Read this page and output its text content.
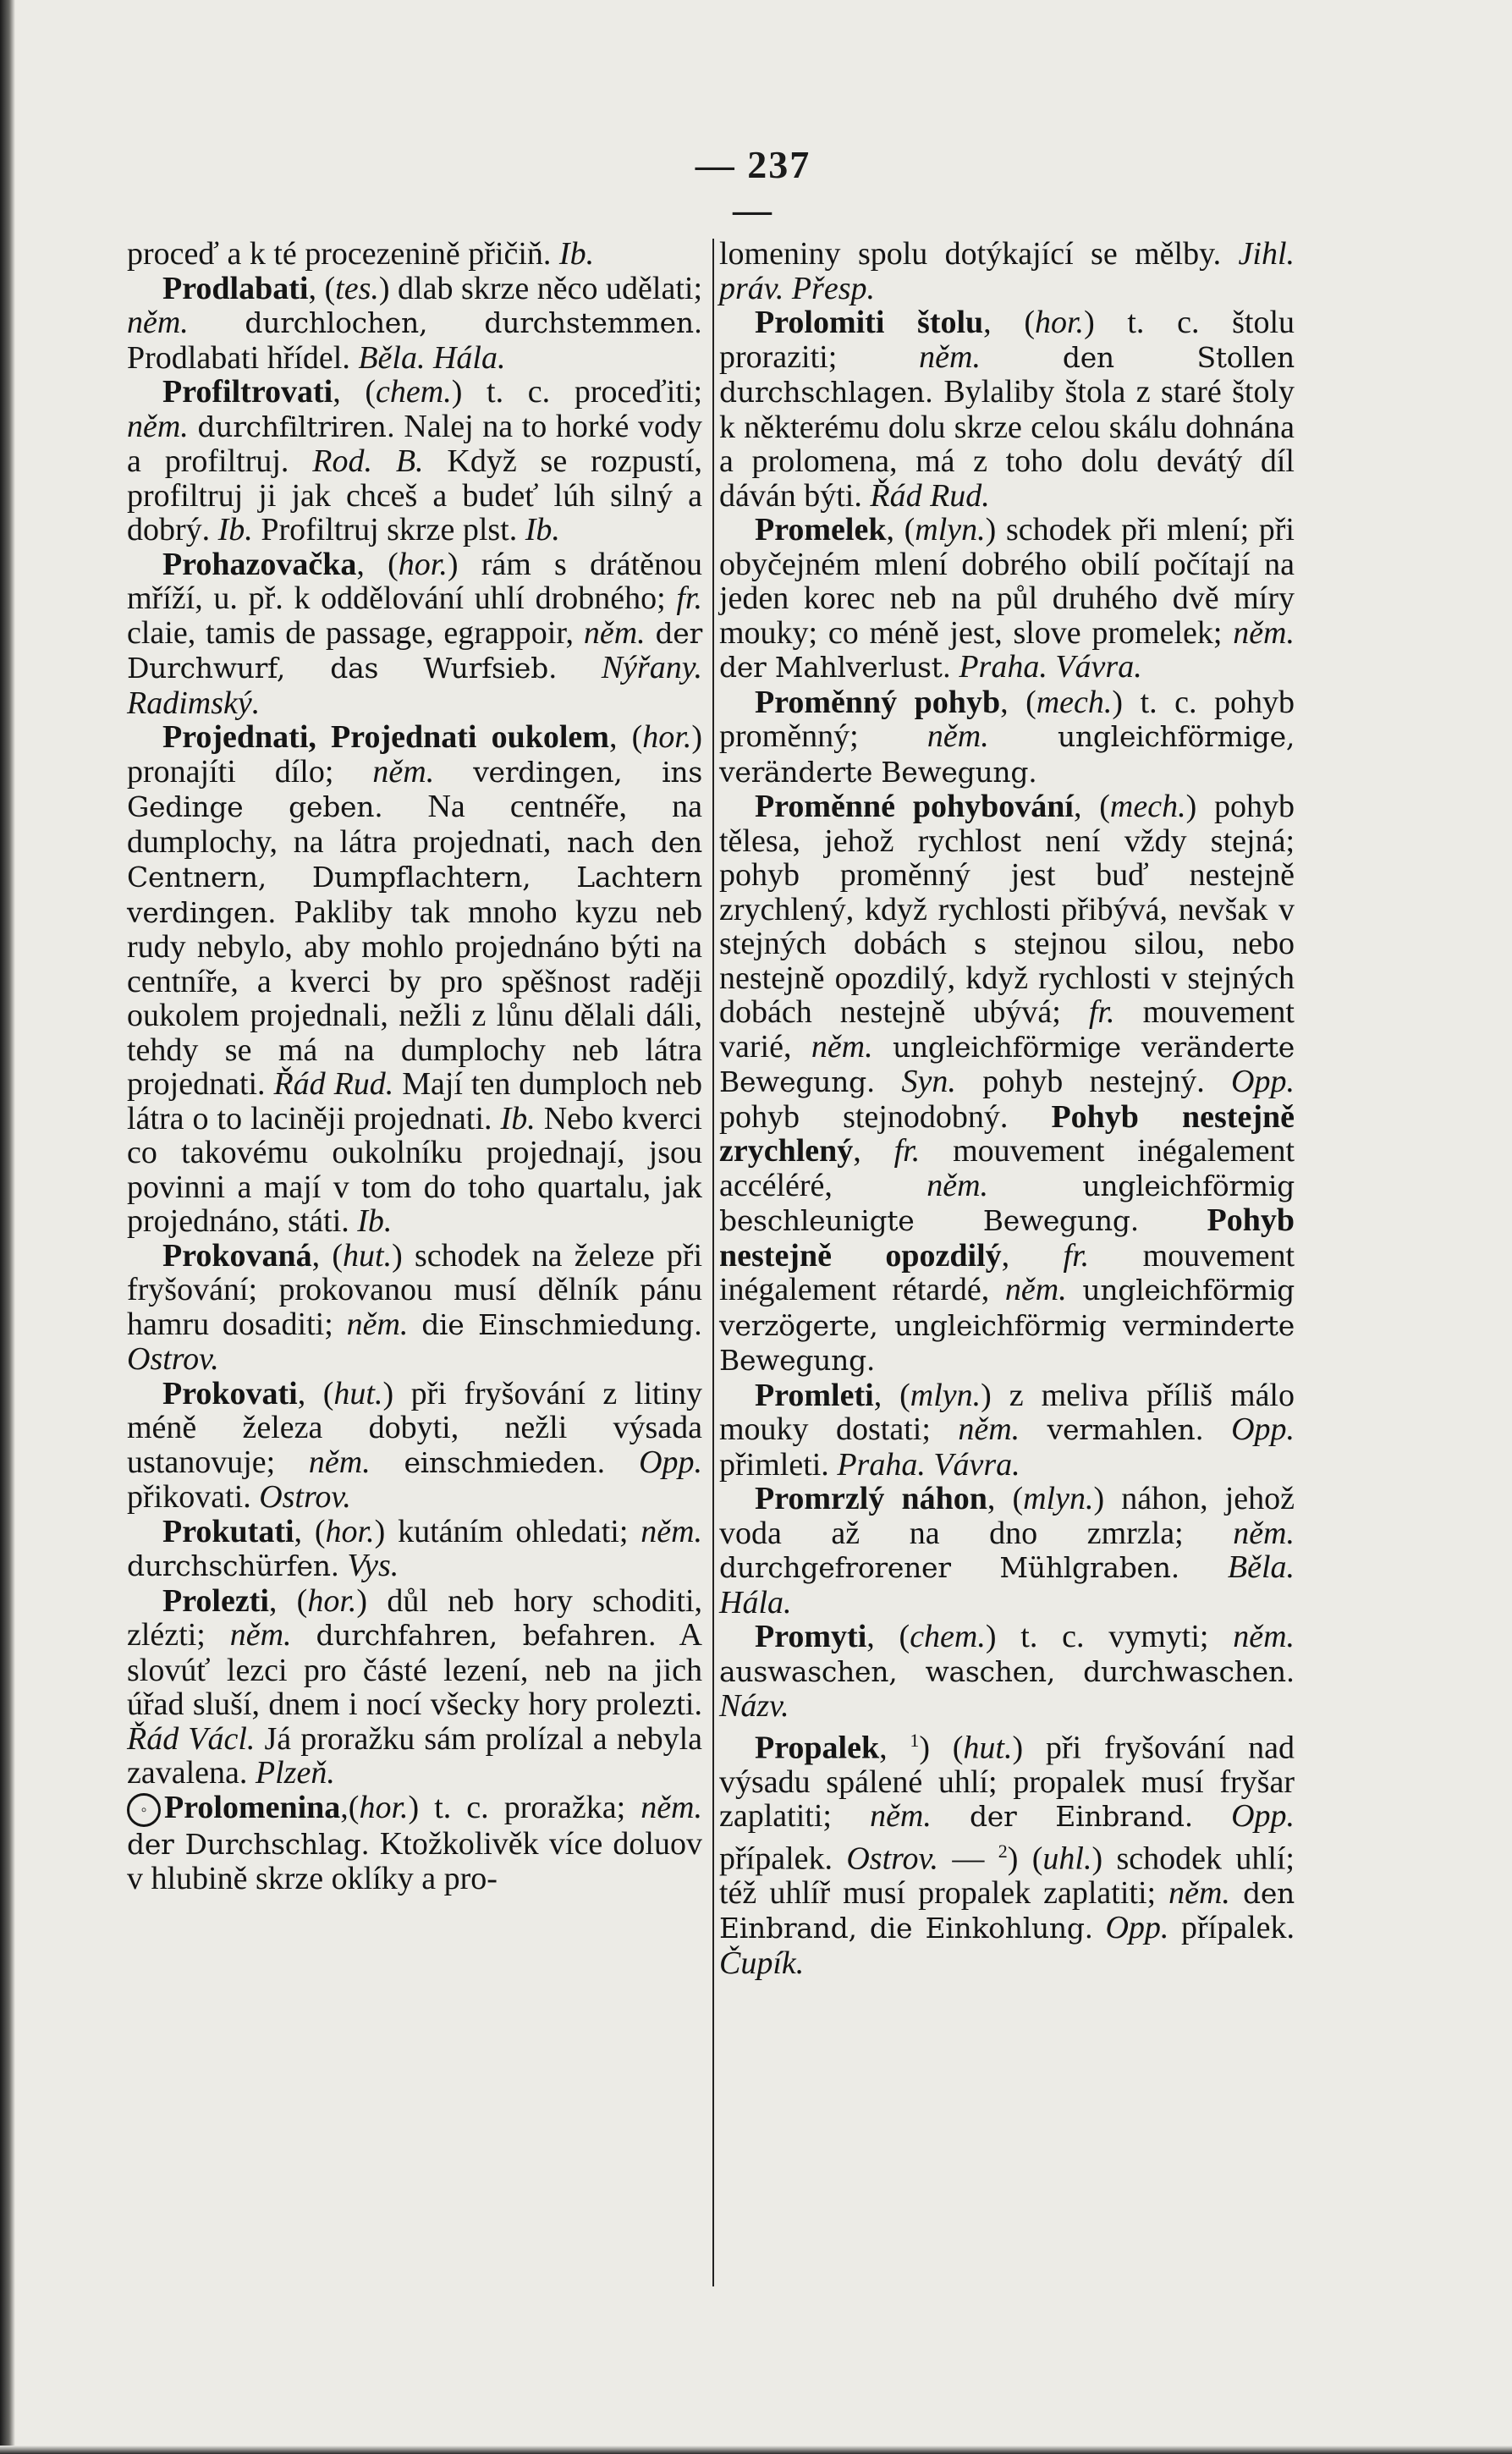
— 237 —

proceď a k té procezenině přičiň. Ib.

Prodlabati, (tes.) dlab skrze něco udělati; něm. durchlochen, durchstemmen. Prodlabati hřídel. Běla. Hála.

Profiltrovati, (chem.) t. c. proceďiti; něm. durchfiltriren. Nalej na to horké vody a profiltruj. Rod. B. Když se rozpustí, profiltruj ji jak chceš a budeť lúh silný a dobrý. Ib. Profiltruj skrze plst. Ib.

Prohazovačka, (hor.) rám s drátěnou mříží, u. př. k oddělování uhlí drobného; fr. claie, tamis de passage, egrappoir, něm. der Durchwurf, das Wurfsieb. Nýřany. Radimský.

Projednati, Projednati oukolem, (hor.) pronajíti dílo; něm. verdingen, ins Gedinge geben. Na centnéře, na dumplochy, na látra projednati, nach den Centnern, Dumpflachtern, Lachtern verdingen. Pakliby tak mnoho kyzu neb rudy nebylo, aby mohlo projednáno býti na centníře, a kverci by pro spěšnost raději oukolem projednali, nežli z lůnu dělali dáli, tehdy se má na dumplochy neb látra projednati. Řád Rud. Mají ten dumploch neb látra o to laciněji projednati. Ib. Nebo kverci co takovému oukolníku projednají, jsou povinni a mají v tom do toho quartalu, jak projednáno, státi. Ib.

Prokovaná, (hut.) schodek na železe při fryšování; prokovanou musí dělník pánu hamru dosaditi; něm. die Einschmiedung. Ostrov.

Prokovati, (hut.) při fryšování z litiny méně železa dobyti, nežli výsada ustanovuje; něm. einschmieden. Opp. přikovati. Ostrov.

Prokutati, (hor.) kutáním ohledati; něm. durchschürfen. Vys.

Prolezti, (hor.) důl neb hory schoditi, zlézti; něm. durchfahren, befahren. A slovúť lezci pro částé lezení, neb na jich úřad sluší, dnem i nocí všecky hory prolezti. Řád Václ. Já proražku sám prolízal a nebyla zavalena. Plzeň.

◦ Prolomenina,(hor.) t. c. proražka; něm. der Durchschlag. Ktožkolivěk více doluov v hlubině skrze oklíky a pro-

lomeniny spolu dotýkající se mělby. Jihl. práv. Přesp.

Prolomiti štolu, (hor.) t. c. štolu proraziti; něm.	den Stollen durchschlagen. Bylaliby štola z staré štoly k některému dolu skrze celou skálu dohnána a prolomena, má z toho dolu devátý díl dáván býti. Řád Rud.

Promelek, (mlyn.) schodek při mlení; při obyčejném mlení dobrého obilí počítají na jeden korec neb na půl druhého dvě míry mouky; co méně jest, slove promelek; něm. der Mahlverlust. Praha. Vávra.

Proměnný pohyb, (mech.) t. c. pohyb proměnný; něm. ungleichförmige, veränderte Bewegung.

Proměnné pohybování, (mech.) pohyb tělesa, jehož rychlost není vždy stejná; pohyb proměnný jest buď nestejně zrychlený, když rychlosti přibývá, nevšak v stejných dobách s stejnou silou, nebo nestejně opozdilý, když rychlosti v stejných dobách nestejně ubývá; fr. mouvement varié, něm. ungleichförmige veränderte Bewegung. Syn. pohyb nestejný. Opp. pohyb stejnodobný. Pohyb nestejně zrychlený, fr. mouvement inégalement accéléré, něm.	ungleichförmig beschleunigte Bewegung. Pohyb nestejně opozdilý, fr. mouvement inégalement rétardé, něm. ungleichförmig verzögerte, ungleichförmig verminderte Bewegung.

Promleti, (mlyn.) z meliva příliš málo mouky dostati; něm. vermahlen. Opp. přimleti. Praha. Vávra.

Promrzlý náhon, (mlyn.) náhon, jehož voda až na dno zmrzla; něm. durchgefrorener Mühlgraben. Běla. Hála.

Promyti, (chem.) t. c. vymyti; něm. auswaschen, waschen, durchwaschen. Názv.

Propalek, $^1$) (hut.) při fryšování nad výsadu spálené uhlí; propalek musí fryšar zaplatiti; něm. der Einbrand. Opp. přípalek. Ostrov. — $^2$) (uhl.) schodek uhlí; též uhlíř musí propalek zaplatiti; něm. den Einbrand, die Einkohlung. Opp. přípalek. Čupík.
